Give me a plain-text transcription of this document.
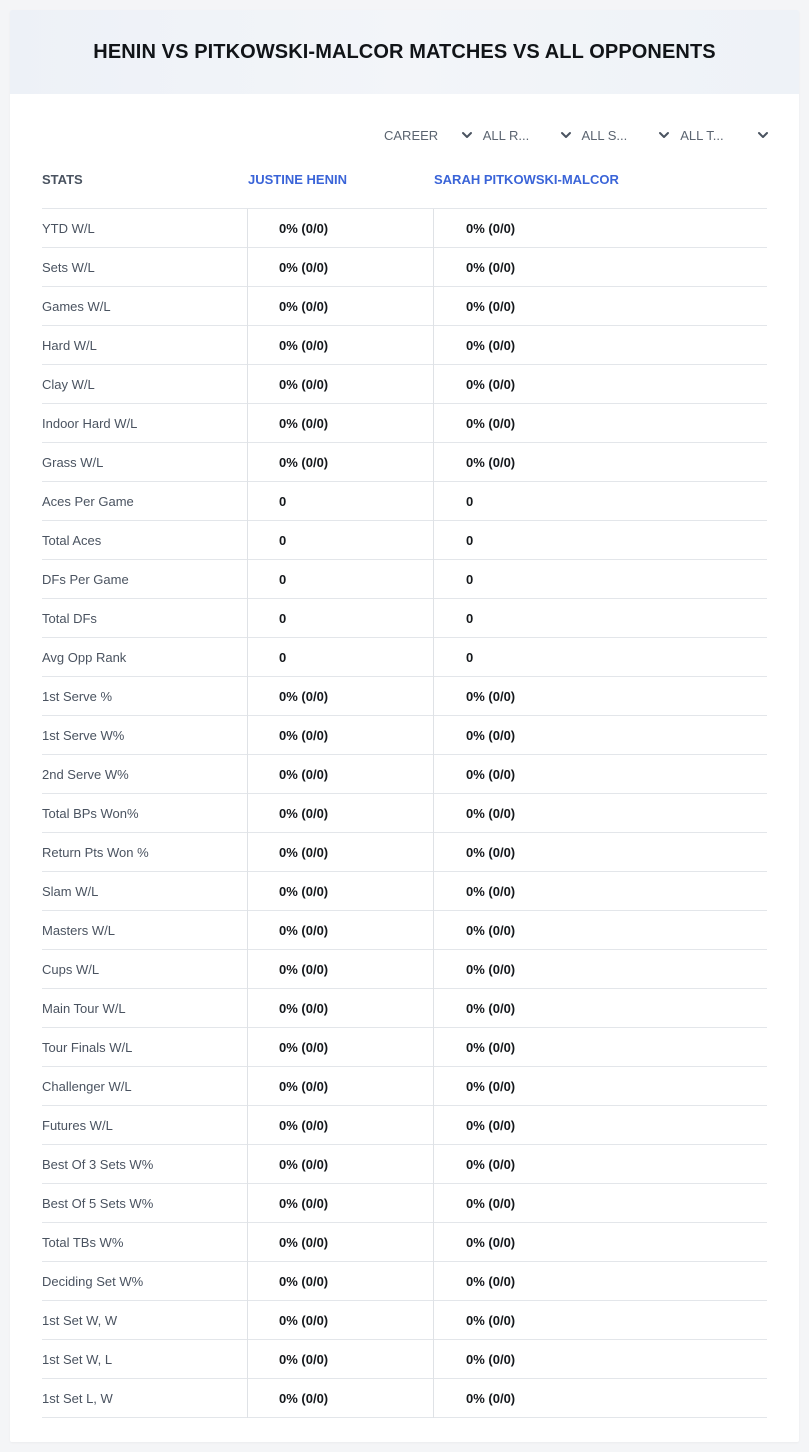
HENIN VS PITKOWSKI-MALCOR MATCHES VS ALL OPPONENTS
CAREER	ALL R...	ALL S...	ALL T...
STATS	JUSTINE HENIN	SARAH PITKOWSKI-MALCOR
YTD W/L	0% (0/0)	0% (0/0)
Sets W/L	0% (0/0)	0% (0/0)
Games W/L	0% (0/0)	0% (0/0)
Hard W/L	0% (0/0)	0% (0/0)
Clay W/L	0% (0/0)	0% (0/0)
Indoor Hard W/L	0% (0/0)	0% (0/0)
Grass W/L	0% (0/0)	0% (0/0)
Aces Per Game	0	0
Total Aces	0	0
DFs Per Game	0	0
Total DFs	0	0
Avg Opp Rank	0	0
1st Serve %	0% (0/0)	0% (0/0)
1st Serve W%	0% (0/0)	0% (0/0)
2nd Serve W%	0% (0/0)	0% (0/0)
Total BPs Won%	0% (0/0)	0% (0/0)
Return Pts Won %	0% (0/0)	0% (0/0)
Slam W/L	0% (0/0)	0% (0/0)
Masters W/L	0% (0/0)	0% (0/0)
Cups W/L	0% (0/0)	0% (0/0)
Main Tour W/L	0% (0/0)	0% (0/0)
Tour Finals W/L	0% (0/0)	0% (0/0)
Challenger W/L	0% (0/0)	0% (0/0)
Futures W/L	0% (0/0)	0% (0/0)
Best Of 3 Sets W%	0% (0/0)	0% (0/0)
Best Of 5 Sets W%	0% (0/0)	0% (0/0)
Total TBs W%	0% (0/0)	0% (0/0)
Deciding Set W%	0% (0/0)	0% (0/0)
1st Set W, W	0% (0/0)	0% (0/0)
1st Set W, L	0% (0/0)	0% (0/0)
1st Set L, W	0% (0/0)	0% (0/0)
